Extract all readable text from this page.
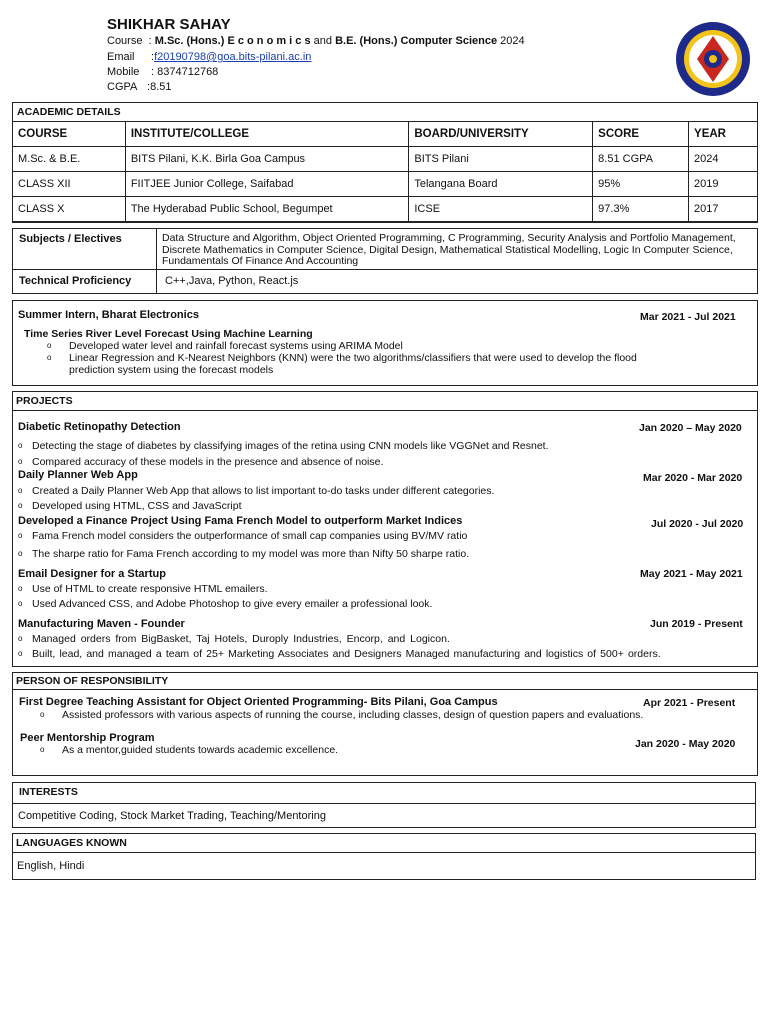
SHIKHAR SAHAY
Course  : M.Sc. (Hons.) E c o n o m i c s and B.E. (Hons.) Computer Science 2024
Email :f20190798@goa.bits-pilani.ac.in
Mobile : 8374712768
CGPA :8.51
ACADEMIC DETAILS
COURSE	INSTITUTE/COLLEGE	BOARD/UNIVERSITY	SCORE	YEAR
M.Sc. & B.E.	BITS Pilani, K.K. Birla Goa Campus	BITS Pilani	8.51 CGPA	2024
CLASS XII	FIITJEE Junior College, Saifabad	Telangana Board	95%	2019
CLASS X	The Hyderabad Public School, Begumpet	ICSE	97.3%	2017
Subjects / Electives	Data Structure and Algorithm, Object Oriented Programming, C Programming, Security Analysis and Portfolio Management, Discrete Mathematics in Computer Science, Digital Design, Mathematical Statistical Modelling, Logic In Computer Science, Fundamentals Of Finance And Accounting
Technical Proficiency	C++,Java, Python, React.js
Summer Intern, Bharat Electronics	Mar 2021 - Jul 2021
Time Series River Level Forecast Using Machine Learning
o Developed water level and rainfall forecast systems using ARIMA Model
o Linear Regression and K-Nearest Neighbors (KNN) were the two algorithms/classifiers that were used to develop the flood prediction system using the forecast models
PROJECTS
Diabetic Retinopathy Detection	Jan 2020 – May 2020
o Detecting the stage of diabetes by classifying images of the retina using CNN models like VGGNet and Resnet.
o Compared accuracy of these models in the presence and absence of noise.
Daily Planner Web App	Mar 2020 - Mar 2020
o Created a Daily Planner Web App that allows to list important to-do tasks under different categories.
o Developed using HTML, CSS and JavaScript
Developed a Finance Project Using Fama French Model to outperform Market Indices	Jul 2020 - Jul 2020
o Fama French model considers the outperformance of small cap companies using BV/MV ratio
o The sharpe ratio for Fama French according to my model was more than Nifty 50 sharpe ratio.
Email Designer for a Startup	May 2021 - May 2021
o Use of HTML to create responsive HTML emailers.
o Used Advanced CSS, and Adobe Photoshop to give every emailer a professional look.
Manufacturing Maven - Founder	Jun 2019 - Present
o Managed orders from BigBasket, Taj Hotels, Duroply Industries, Encorp, and Logicon.
o Built, lead, and managed a team of 25+ Marketing Associates and Designers Managed manufacturing and logistics of 500+ orders.
PERSON OF RESPONSIBILITY
First Degree Teaching Assistant for Object Oriented Programming- Bits Pilani, Goa Campus	Apr 2021 - Present
o Assisted professors with various aspects of running the course, including classes, design of question papers and evaluations.
Peer Mentorship Program	Jan 2020 - May 2020
o As a mentor,guided students towards academic excellence.
INTERESTS
Competitive Coding, Stock Market Trading, Teaching/Mentoring
LANGUAGES KNOWN
English, Hindi
